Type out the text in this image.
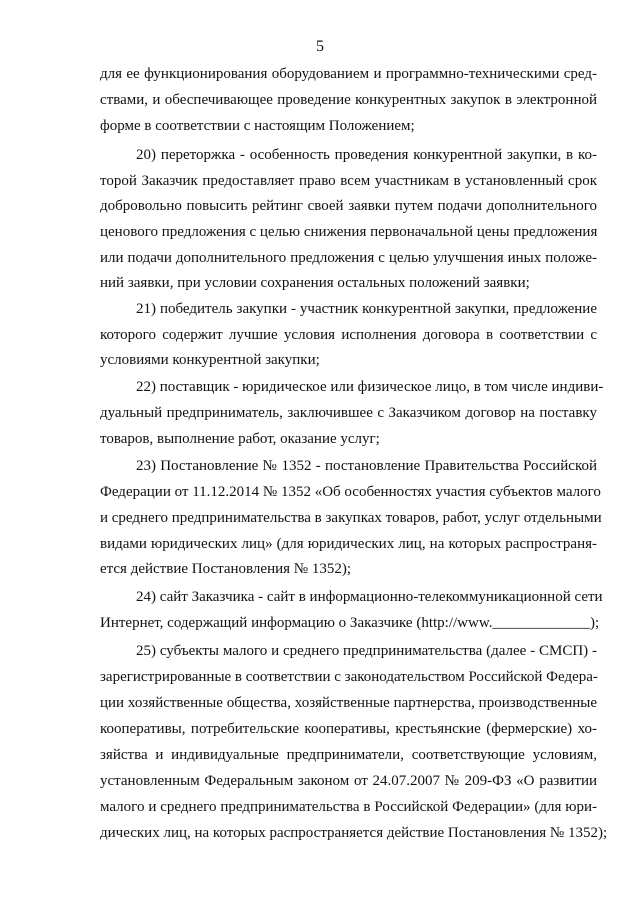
5
для ее функционирования оборудованием и программно-техническими сред-
ствами, и обеспечивающее проведение конкурентных закупок в электронной
форме в соответствии с настоящим Положением;
20) переторжка - особенность проведения конкурентной закупки, в ко-
торой Заказчик предоставляет право всем участникам в установленный срок
добровольно повысить рейтинг своей заявки путем подачи дополнительного
ценового предложения с целью снижения первоначальной цены предложения
или подачи дополнительного предложения с целью улучшения иных положе-
ний заявки, при условии сохранения остальных положений заявки;
21) победитель закупки - участник конкурентной закупки, предложение
которого содержит лучшие условия исполнения договора в соответствии с
условиями конкурентной закупки;
22) поставщик - юридическое или физическое лицо, в том числе индиви-
дуальный предприниматель, заключившее с Заказчиком договор на поставку
товаров, выполнение работ, оказание услуг;
23) Постановление № 1352 - постановление Правительства Российской
Федерации от 11.12.2014 № 1352 «Об особенностях участия субъектов малого
и среднего предпринимательства в закупках товаров, работ, услуг отдельными
видами юридических лиц» (для юридических лиц, на которых распространя-
ется действие Постановления № 1352);
24) сайт Заказчика - сайт в информационно-телекоммуникационной сети
Интернет, содержащий информацию о Заказчике (http://www._____________);
25) субъекты малого и среднего предпринимательства (далее - СМСП) -
зарегистрированные в соответствии с законодательством Российской Федера-
ции хозяйственные общества, хозяйственные партнерства, производственные
кооперативы, потребительские кооперативы, крестьянские (фермерские) хо-
зяйства и индивидуальные предприниматели, соответствующие условиям,
установленным Федеральным законом от 24.07.2007 № 209-ФЗ «О развитии
малого и среднего предпринимательства в Российской Федерации» (для юри-
дических лиц, на которых распространяется действие Постановления № 1352);
